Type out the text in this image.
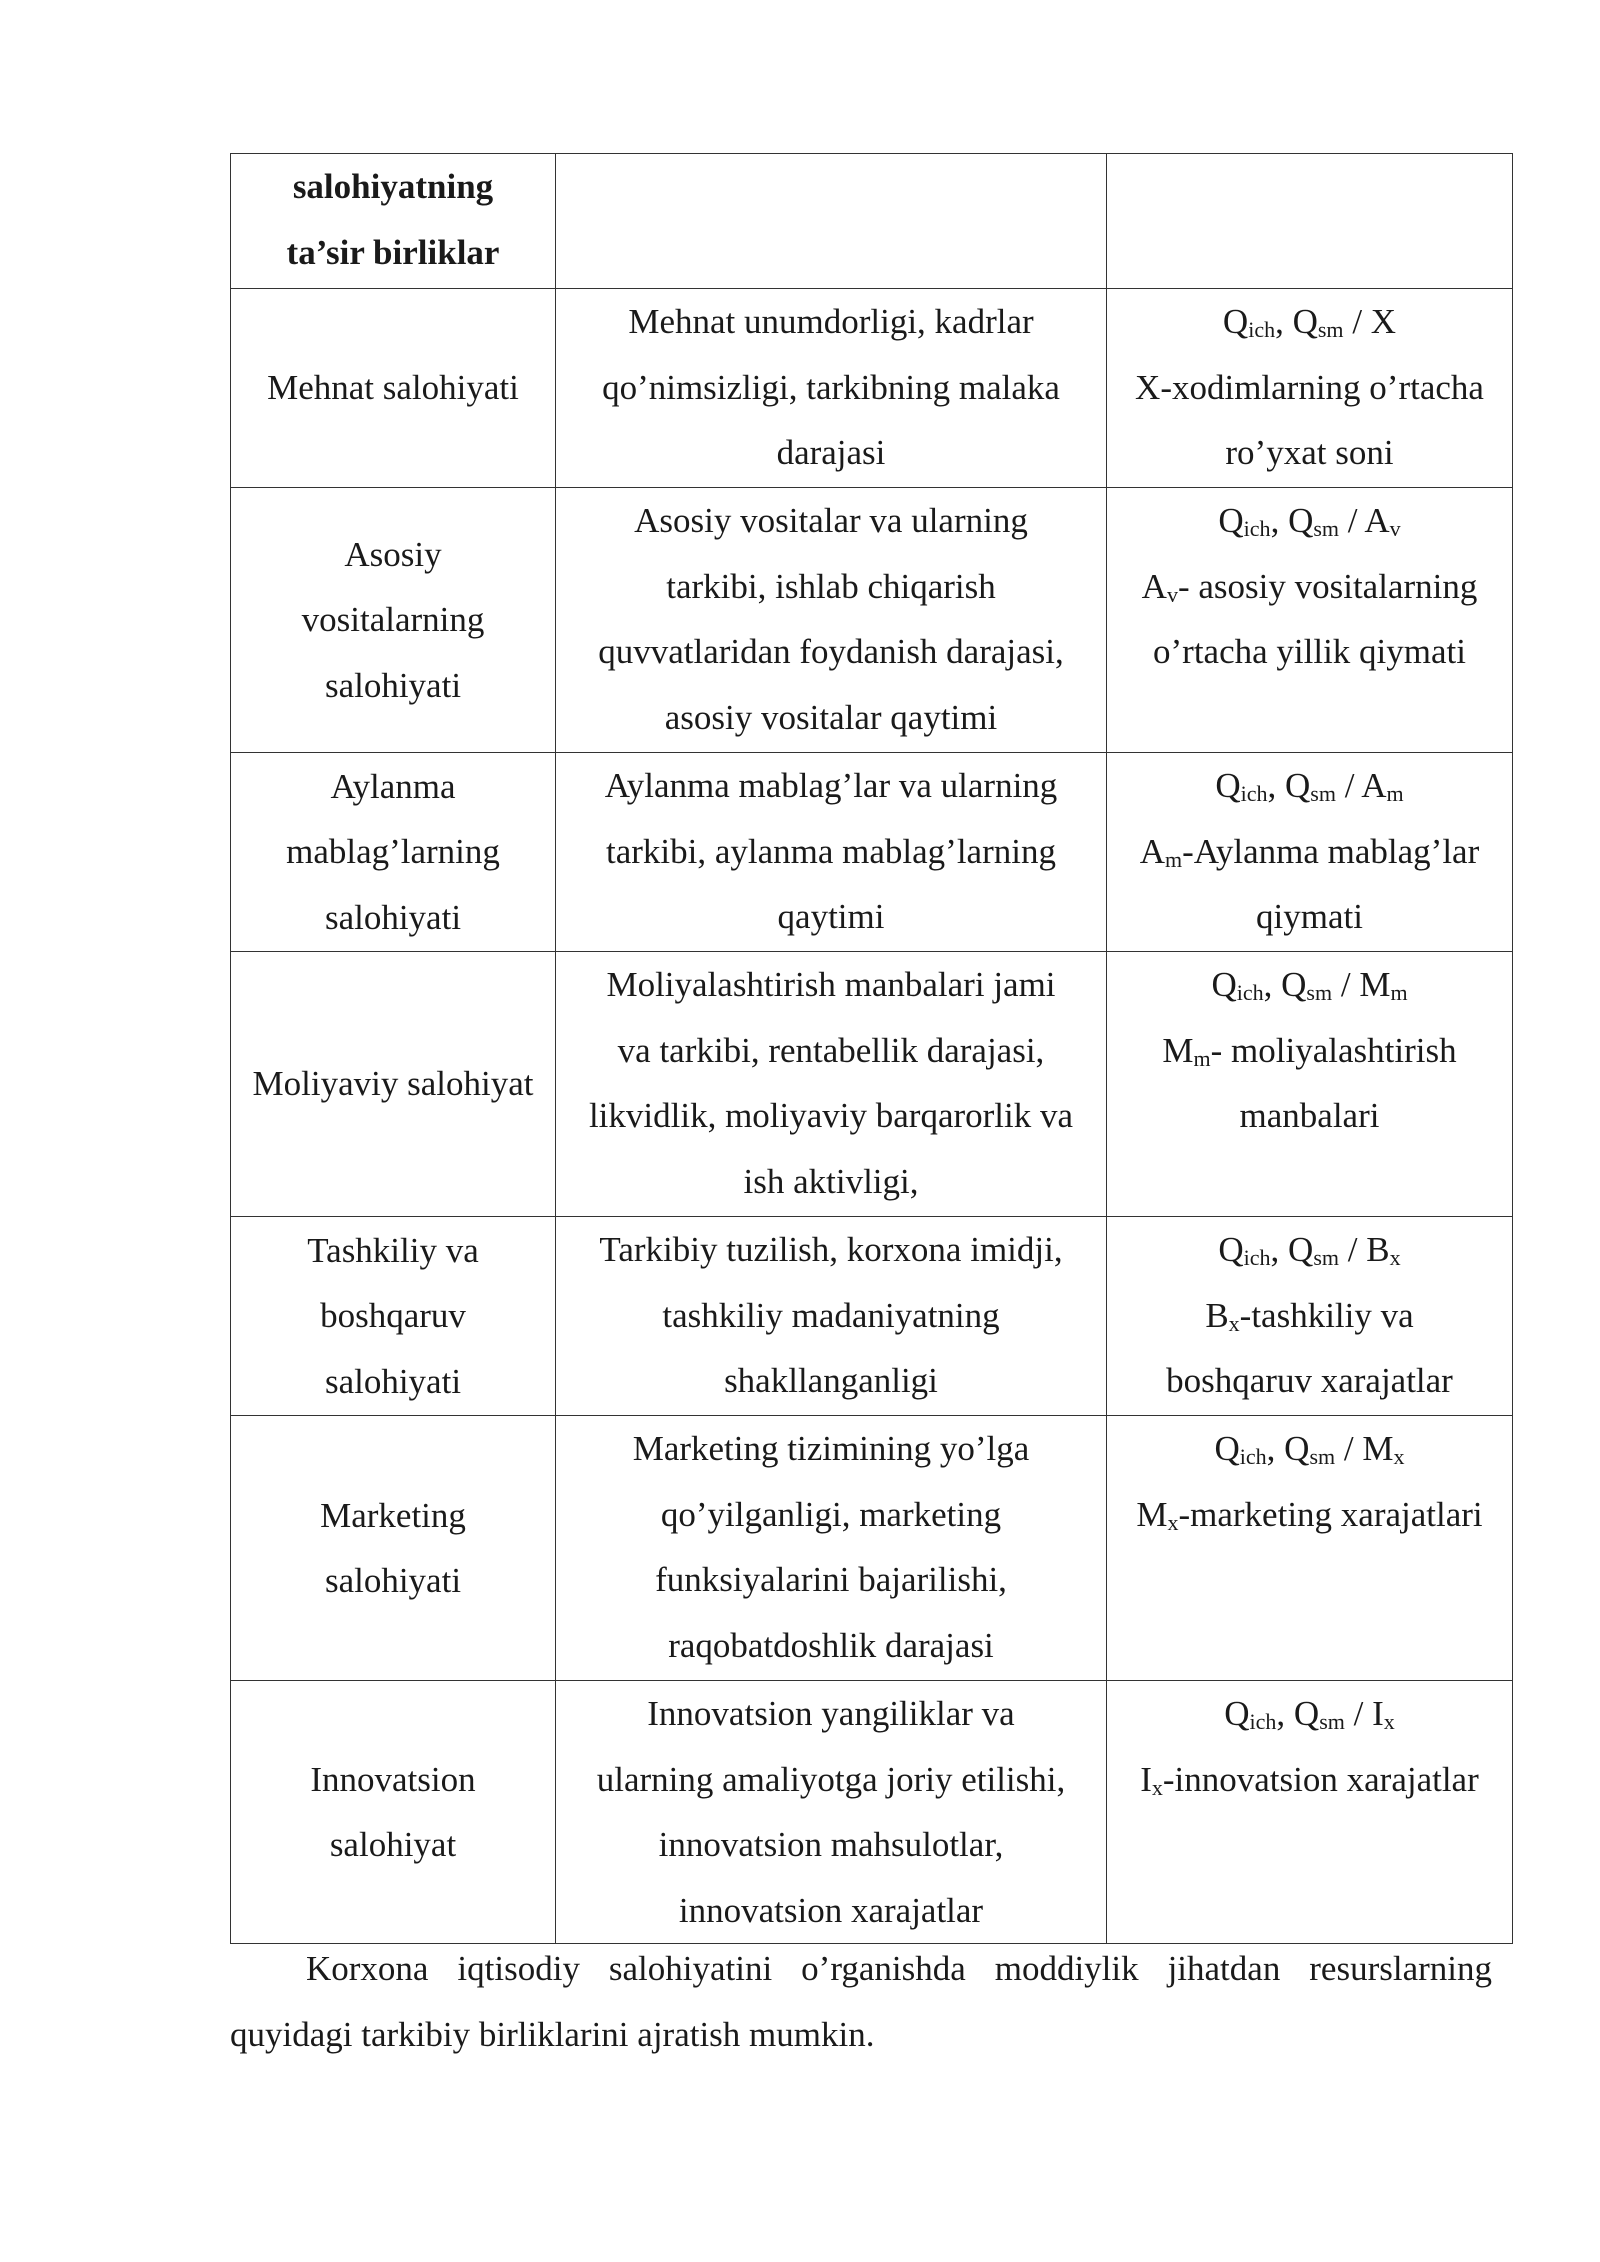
salohiyatning
ta’sir birliklar		

Mehnat salohiyati	Mehnat unumdorligi, kadrlar
qo’nimsizligi, tarkibning malaka
darajasi	$Q_{ich}$, $Q_{sm}$ / X
X-xodimlarning o’rtacha
ro’yxat soni

Asosiy
vositalarning
salohiyati	Asosiy vositalar va ularning
tarkibi, ishlab chiqarish
quvvatlaridan foydanish darajasi,
asosiy vositalar qaytimi	$Q_{ich}$, $Q_{sm} / A_v$
$A_v-$ asosiy vositalarning
o’rtacha yillik qiymati

Aylanma
mablag’larning
salohiyati	Aylanma mablag’lar va ularning
tarkibi, aylanma mablag’larning
qaytimi	$Q_{ich}$, $Q_{sm} / A_m$
$A_m$-Aylanma mablag’lar
qiymati

Moliyaviy salohiyat	Moliyalashtirish manbalari jami
va tarkibi, rentabellik darajasi,
likvidlik, moliyaviy barqarorlik va
ish aktivligi,	$Q_{ich}$, $Q_{sm} / M_m$
$M_m-$ moliyalashtirish
manbalari

Tashkiliy va
boshqaruv
salohiyati	Tarkibiy tuzilish, korxona imidji,
tashkiliy madaniyatning
shakllanganligi	$Q_{ich}$, $Q_{sm} / B_x$
$B_x$-tashkiliy va
boshqaruv xarajatlar

Marketing
salohiyati	Marketing tizimining yo’lga
qo’yilganligi, marketing
funksiyalarini bajarilishi,
raqobatdoshlik darajasi	$Q_{ich}$, $Q_{sm} / M_x$
$M_x$-marketing xarajatlari

Innovatsion
salohiyat	Innovatsion yangiliklar va
ularning amaliyotga joriy etilishi,
innovatsion mahsulotlar,
innovatsion xarajatlar	$Q_{ich}$, $Q_{sm} / I_x$
$I_x$-innovatsion xarajatlar
Korxona iqtisodiy salohiyatini o’rganishda moddiylik jihatdan resurslarning
quyidagi tarkibiy birliklarini ajratish mumkin.
